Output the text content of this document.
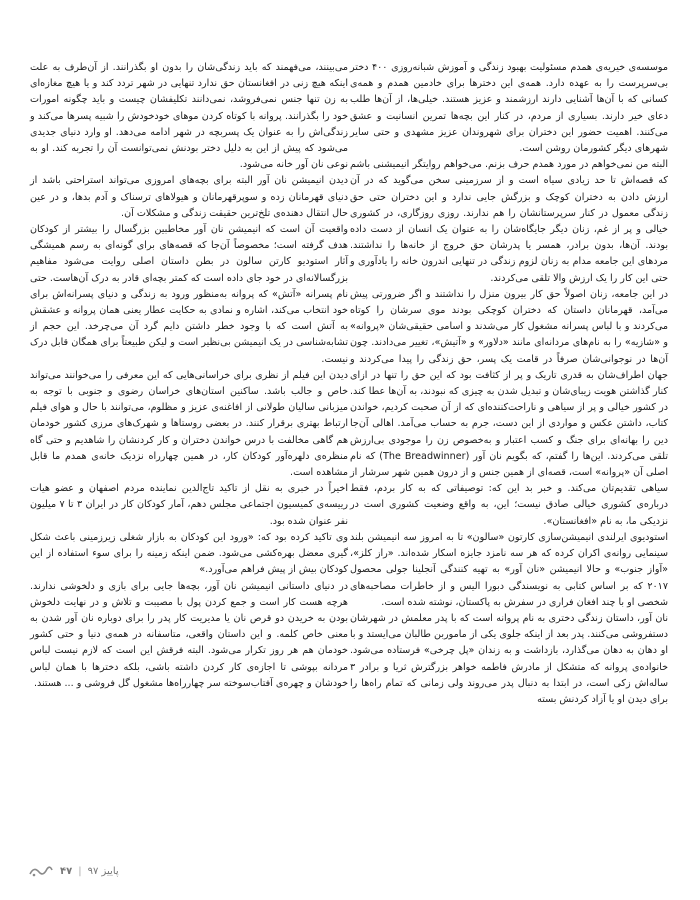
موسسه‌ی خیریه‌ی همدم مسئولیت بهبود زندگی و آموزش شبانه‌روزی ۴۰۰ دختر بی‌سرپرست را به عهده دارد. همه‌ی این دخترها برای خادمین همدم و همه‌ی کسانی که با آن‌ها آشنایی دارند ارزشمند و عزیز هستند. خیلی‌ها، از آن‌ها طلب دعای خیر دارند. بسیاری از مردم، در کنار این بچه‌ها تمرین انسانیت و عشق می‌کنند. اهمیت حضور این دختران برای شهروندان عزیز مشهدی و حتی سایر شهرهای دیگر کشورمان روشن است.

البته من نمی‌خواهم در مورد همدم حرف بزنم. می‌خواهم روایتگر انیمیشنی باشم که قصه‌اش تا حد زیادی سیاه است و از سرزمینی سخن می‌گوید که در آن ارزش دادن به دختران کوچک و بزرگش جایی ندارد و این دختران حتی حق زندگی معمول در کنار سرپرستانشان را هم ندارند. روزی روزگاری، در کشوری خیالی و پر از غم، زنان دیگر جایگاه‌شان را به عنوان یک انسان از دست داده بودند. آن‌ها، بدون برادر، همسر یا پدرشان حق خروج از خانه‌ها را نداشتند. مردهای این جامعه مدام به زنان لزوم زندگی در تنهایی اندرون خانه را یادآوری و حتی این کار را یک ارزش والا تلقی می‌کردند.

در این جامعه، زنان اصولاً حق کار بیرون منزل را نداشتند و اگر ضرورتی پیش می‌آمد، قهرمانان داستان که دختران کوچکی بودند موی سرشان را کوتاه می‌کردند و با لباس پسرانه مشغول کار می‌شدند و اسامی حقیقی‌شان «پروانه» و «شازیه» را به نام‌های مردانه‌ای مانند «دلاور» و «آتیش»، تغییر می‌دادند. چون آن‌ها در نوجوانی‌شان صرفاً در قامت یک پسر، حق زندگی را پیدا می‌کردند و جهان اطراف‌شان به قدری تاریک و پر از کثافت بود که این حق را تنها در ازای کنار گذاشتن هویت زیبای‌شان و تبدیل شدن به چیزی که نبودند، به آن‌ها عطا کند. در کشور خیالی و پر از سیاهی و ناراحت‌کننده‌ای که از آن صحبت کردیم، خواندن کتاب، داشتن عکس و مواردی از این دست، جرم به حساب می‌آمد. اهالی آن‌جا دین را بهانه‌ای برای جنگ و کسب اعتبار و به‌خصوص زن را موجودی بی‌ارزش تلقی می‌کردند. این‌ها را گفتم، که بگویم نان آور (The Breadwinner) که نام اصلی آن «پروانه» است، قصه‌ای از همین جنس و از درون همین شهر سرشار از سیاهی تقدیم‌تان می‌کند. و خبر بد این که: توصیفاتی که به کار بردم، فقط درباره‌ی کشوری خیالی صادق نیست؛ این، به واقع وضعیت کشوری است در نزدیکی ما، به نام «افغانستان».

استودیوی ایرلندی انیمیشن‌سازی کارتون «سالون» تا به امروز سه انیمیشن بلند سینمایی روانه‌ی اکران کرده که هر سه نامزد جایزه اسکار شده‌اند. «راز کلز»، «آواز جنوب» و حالا انیمیشن «نان آور» به تهیه کنندگی آنجلینا جولی محصول ۲۰۱۷ که بر اساس کتابی به نویسندگی دبورا الیس و از خاطرات مصاحبه‌های شخصی او با چند افغان فراری در سفرش به پاکستان، نوشته شده است.

نان آور، داستان زندگی دختری به نام پروانه است که با پدر معلمش در شهرشان دستفروشی می‌کنند. پدر بعد از اینکه جلوی یکی از ماموربن طالبان می‌ایستد و با او دهان به دهان می‌گذارد، بازداشت و به زندان «پل چرخی» فرستاده می‌شود. خانواده‌ی پروانه که متشکل از مادرش فاطمه خواهر بزرگترش ثریا و برادر ۳ ساله‌اش زکی است، در ابتدا به دنبال پدر می‌روند ولی زمانی که تمام راه‌ها را برای دیدن او یا آزاد کردنش بسته

می‌بینند، می‌فهمند که باید زندگی‌شان را بدون او بگذرانند. از آن‌طرف به علت اینکه هیچ زنی در افغانستان حق ندارد تنهایی در شهر تردد کند و یا هیچ مغازه‌ای به زن تنها جنس نمی‌فروشد، نمی‌دانند تکلیفشان چیست و باید چگونه امورات خود را بگذرانند. پروانه با کوتاه کردن موهای خودخودش را شبیه پسرها می‌کند و زندگی‌اش را به عنوان یک پسربچه در شهر ادامه می‌دهد. او وارد دنیای جدیدی می‌شود که پیش از این به دلیل دختر بودنش نمی‌توانست آن را تجربه کند. او به نوعی نان آور خانه می‌شود.

دیدن انیمیشن نان آور البته برای بچه‌های امروزی می‌تواند استراحتی باشد از دنیای قهرمانان زده و سوپرقهرمانان و هیولاهای ترسناک و آدم بدها، و در عین حال انتقال دهنده‌ی تلخ‌ترین حقیقت زندگی و مشکلات آن.

واقعیت آن است که انیمیشن نان آور مخاطبین بزرگسال را بیشتر از کودکان هدف گرفته است؛ مخصوصاً آن‌جا که قصه‌های برای گونه‌ای به رسم همیشگی آثار استودیو کارتن سالون در بطن داستان اصلی روایت می‌شود مفاهیم بزرگسالانه‌ای در خود جای داده است که کمتر بچه‌ای قادر به درک آن‌هاست. حتی نام پسرانه «آتش» که پروانه به‌منظور ورود به زندگی و دنیای پسرانه‌اش برای خود انتخاب می‌کند، اشاره و نمادی به حکایت عطار یعنی همان پروانه و عشقش به آتش است که با وجود خطر داشتن دایم گرد آن می‌چرخد. این حجم از تشابه‌شناسی در یک انیمیشن بی‌نظیر است و لیکن طبیعتاً برای همگان قابل درک نیست.

دیدن این فیلم از نظری برای خراسانی‌هایی که این معرفی را می‌خوانند می‌تواند خاص و جالب باشد. ساکنین استان‌های خراسان رضوی و جنوبی با توجه به میزبانی سالیان طولانی از افاغنه‌ی عزیز و مظلوم، می‌توانند با حال و هوای فیلم ارتباط بهتری برقرار کنند. در بعضی روستاها و شهرک‌های مرزی کشور خودمان هم گاهی مخالفت با درس خواندن دختران و کار کردنشان را شاهدیم و حتی گاه منظره‌ی دلهره‌آور کودکان کار، در همین چهارراه نزدیک خانه‌ی همدم ما قابل مشاهده است.

اخیراً در خبری به نقل از تاکید تاج‌الدین نماینده مردم اصفهان و عضو هیات رییسه‌ی کمیسیون اجتماعی مجلس دهم، آمار کودکان کار در ایران ۳ تا ۷ میلیون نفر عنوان شده بود.

وی تاکید کرده بود که: «ورود این کودکان به بازار شغلی زیرزمینی باعث شکل گیری معضل بهره‌کشی می‌شود. ضمن اینکه زمینه را برای سوء استفاده از این کودکان بیش از پیش فراهم می‌آورد.»

در دنیای داستانی انیمیشن نان آور، بچه‌ها جایی برای بازی و دلخوشی ندارند. هرچه هست کار است و جمع کردن پول با مصیبت و تلاش و در نهایت دلخوش بودن به خریدن دو قرص نان یا مدیریت کار پدر را برای دوباره نان آور شدن به معنی خاص کلمه. و این داستان واقعی، متاسفانه در همه‌ی دنیا و حتی کشور خودمان هم هر روز تکرار می‌شود. البته فرقش این است که لازم نیست لباس مردانه بپوشی تا اجازه‌ی کار کردن داشته باشی، بلکه دختر‌ها با همان لباس خودشان و چهره‌ی آفتاب‌سوخته سر چهارراه‌ها مشغول گل فروشی و ... هستند.

پاییز ۹۷
|
۴۷
